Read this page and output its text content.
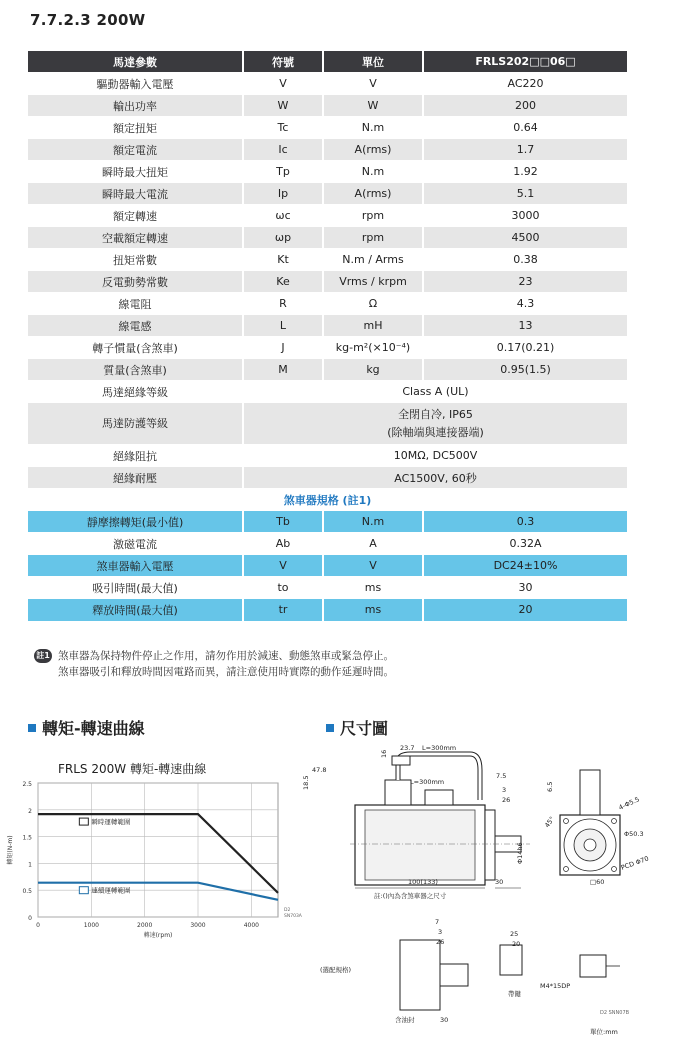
7.7.2.3 200W
馬達參數	符號	單位	FRLS202□□06□
驅動器輸入電壓	V	V	AC220
輸出功率	W	W	200
額定扭矩	Tc	N.m	0.64
額定電流	Ic	A(rms)	1.7
瞬時最大扭矩	Tp	N.m	1.92
瞬時最大電流	Ip	A(rms)	5.1
額定轉速	ωc	rpm	3000
空載額定轉速	ωp	rpm	4500
扭矩常數	Kt	N.m / Arms	0.38
反電動勢常數	Ke	Vrms / krpm	23
線電阻	R	Ω	4.3
線電感	L	mH	13
轉子慣量(含煞車)	J	kg-m²(×10⁻⁴)	0.17(0.21)
質量(含煞車)	M	kg	0.95(1.5)
馬達絕緣等級	Class A (UL)		

馬達防護等級	全閉自冷, IP65
(除軸端與連接器端)		

絕緣阻抗	10MΩ, DC500V		

絕緣耐壓	AC1500V, 60秒		

煞車器規格 (註1)			
靜摩擦轉矩(最小值)	Tb	N.m	0.3
激磁電流	Ab	A	0.32A
煞車器輸入電壓	V	V	DC24±10%
吸引時間(最大值)	to	ms	30
釋放時間(最大值)	tr	ms	20
註1 煞車器為保持物件停止之作用，請勿作用於減速、動態煞車或緊急停止。
煞車器吸引和釋放時間因電路而異，請注意使用時實際的動作延遲時間。
轉矩-轉速曲線	尺寸圖
FRLS 200W 轉矩-轉速曲線
0
0.5
1
1.5
2
2.5
0	1000	2000	3000	4000
瞬時運轉範圍
連續運轉範圍
轉速(rpm)
轉矩(N-m)
D2
SN703A
23.7 L=300mm
47.8
L=300mm
18.5	7.5
3
26
16
100(133)	30
註:()內為含煞車器之尺寸
6.5
4-Φ5.5
45°
Φ50.3
PCD Φ70
□60
Φ14h6
7
3
26
25
20
(選配規格)
M4*15DP
帶鍵
含油封	30
D2 SNN07B
單位:mm
